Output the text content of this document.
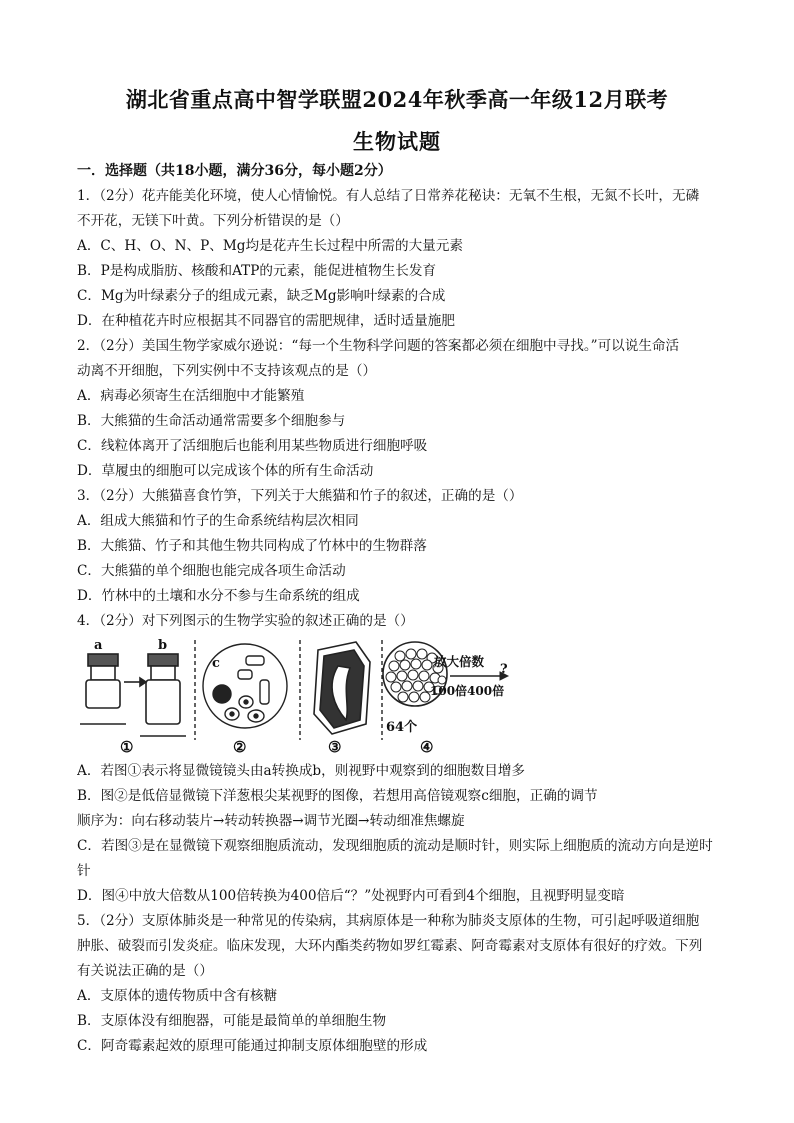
湖北省重点高中智学联盟2024年秋季高一年级12月联考
生物试题
一．选择题（共18小题，满分36分，每小题2分）
1．（2分）花卉能美化环境，使人心情愉悦。有人总结了日常养花秘诀：无氧不生根，无氮不长叶，无磷
不开花，无镁下叶黄。下列分析错误的是（）
A．C、H、O、N、P、Mg均是花卉生长过程中所需的大量元素
B．P是构成脂肪、核酸和ATP的元素，能促进植物生长发育
C．Mg为叶绿素分子的组成元素，缺乏Mg影响叶绿素的合成
D．在种植花卉时应根据其不同器官的需肥规律，适时适量施肥
2．（2分）美国生物学家威尔逊说：“每一个生物科学问题的答案都必须在细胞中寻找。”可以说生命活
动离不开细胞，下列实例中不支持该观点的是（）
A．病毒必须寄生在活细胞中才能繁殖
B．大熊猫的生命活动通常需要多个细胞参与
C．线粒体离开了活细胞后也能利用某些物质进行细胞呼吸
D．草履虫的细胞可以完成该个体的所有生命活动
3．（2分）大熊猫喜食竹笋，下列关于大熊猫和竹子的叙述，正确的是（）
A．组成大熊猫和竹子的生命系统结构层次相同
B．大熊猫、竹子和其他生物共同构成了竹林中的生物群落
C．大熊猫的单个细胞也能完成各项生命活动
D．竹林中的土壤和水分不参与生命系统的组成
4．（2分）对下列图示的生物学实验的叙述正确的是（）
a	b
c	放大倍数
?
100倍400倍
64个
①	②	③	④
A．若图①表示将显微镜镜头由a转换成b，则视野中观察到的细胞数目增多
B．图②是低倍显微镜下洋葱根尖某视野的图像，若想用高倍镜观察c细胞，正确的调节
顺序为：向右移动装片→转动转换器→调节光圈→转动细准焦螺旋
C．若图③是在显微镜下观察细胞质流动，发现细胞质的流动是顺时针，则实际上细胞质的流动方向是逆时
针
D．图④中放大倍数从100倍转换为400倍后“？”处视野内可看到4个细胞，且视野明显变暗
5．（2分）支原体肺炎是一种常见的传染病，其病原体是一种称为肺炎支原体的生物，可引起呼吸道细胞
肿胀、破裂而引发炎症。临床发现，大环内酯类药物如罗红霉素、阿奇霉素对支原体有很好的疗效。下列
有关说法正确的是（）
A．支原体的遗传物质中含有核糖
B．支原体没有细胞器，可能是最简单的单细胞生物
C．阿奇霉素起效的原理可能通过抑制支原体细胞壁的形成
